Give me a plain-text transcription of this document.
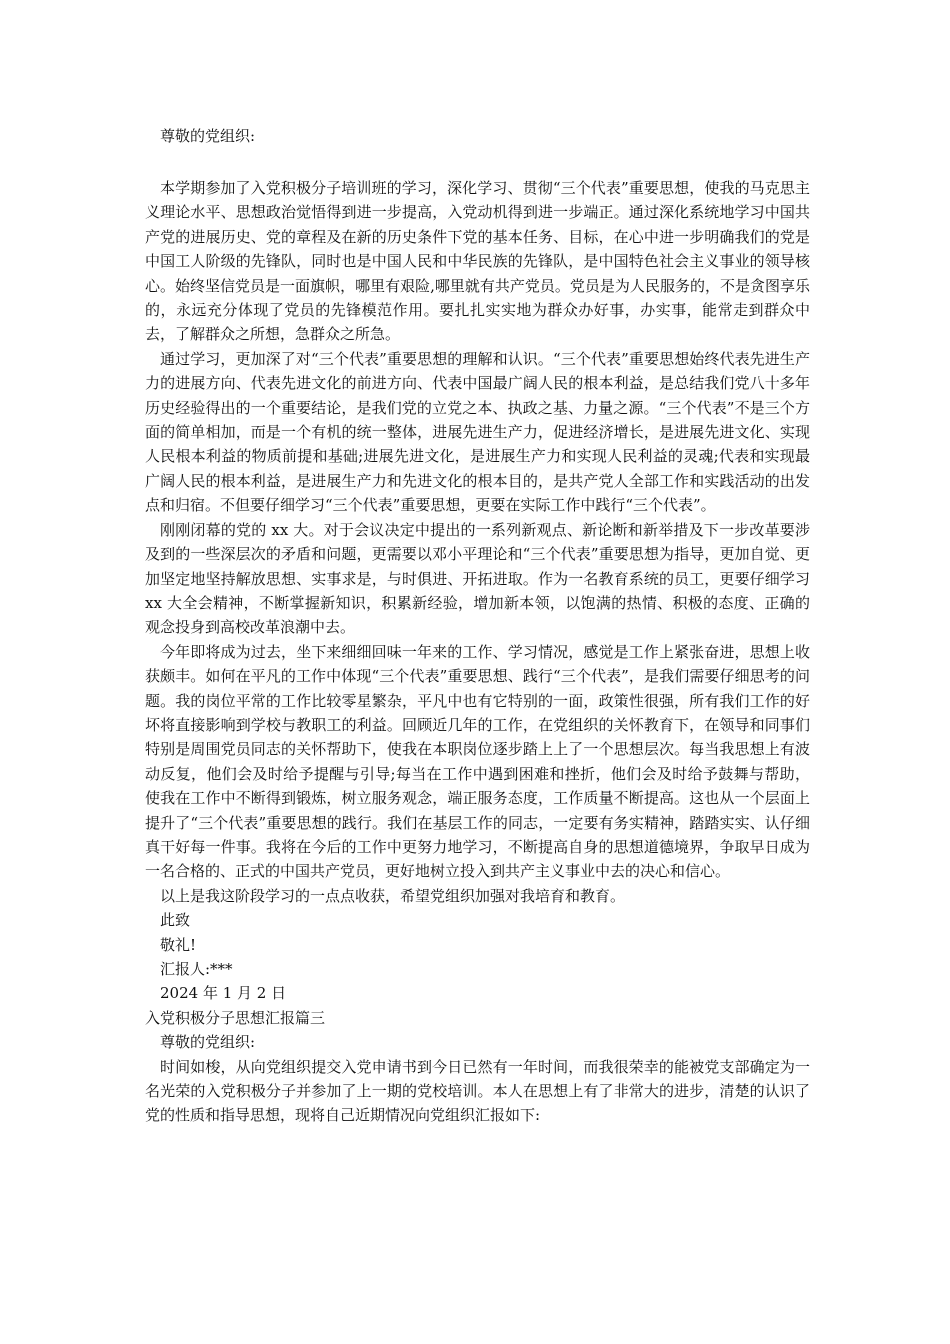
尊敬的党组织:

本学期参加了入党积极分子培训班的学习，深化学习、贯彻“三个代表”重要思想，使我的马克思主义理论水平、思想政治觉悟得到进一步提高，入党动机得到进一步端正。通过深化系统地学习中国共产党的进展历史、党的章程及在新的历史条件下党的基本任务、目标，在心中进一步明确我们的党是中国工人阶级的先锋队，同时也是中国人民和中华民族的先锋队，是中国特色社会主义事业的领导核心。始终坚信党员是一面旗帜，哪里有艰险,哪里就有共产党员。党员是为人民服务的，不是贪图享乐的，永远充分体现了党员的先锋模范作用。要扎扎实实地为群众办好事，办实事，能常走到群众中去，了解群众之所想，急群众之所急。

通过学习，更加深了对“三个代表”重要思想的理解和认识。“三个代表”重要思想始终代表先进生产力的进展方向、代表先进文化的前进方向、代表中国最广阔人民的根本利益，是总结我们党八十多年历史经验得出的一个重要结论，是我们党的立党之本、执政之基、力量之源。“三个代表”不是三个方面的简单相加，而是一个有机的统一整体，进展先进生产力，促进经济增长，是进展先进文化、实现人民根本利益的物质前提和基础;进展先进文化，是进展生产力和实现人民利益的灵魂;代表和实现最广阔人民的根本利益，是进展生产力和先进文化的根本目的，是共产党人全部工作和实践活动的出发点和归宿。不但要仔细学习“三个代表”重要思想，更要在实际工作中践行“三个代表”。

刚刚闭幕的党的 xx 大。对于会议决定中提出的一系列新观点、新论断和新举措及下一步改革要涉及到的一些深层次的矛盾和问题，更需要以邓小平理论和“三个代表”重要思想为指导，更加自觉、更加坚定地坚持解放思想、实事求是，与时俱进、开拓进取。作为一名教育系统的员工，更要仔细学习 xx 大全会精神，不断掌握新知识，积累新经验，增加新本领，以饱满的热情、积极的态度、正确的观念投身到高校改革浪潮中去。

今年即将成为过去，坐下来细细回味一年来的工作、学习情况，感觉是工作上紧张奋进，思想上收获颇丰。如何在平凡的工作中体现“三个代表”重要思想、践行“三个代表”，是我们需要仔细思考的问题。我的岗位平常的工作比较零星繁杂，平凡中也有它特别的一面，政策性很强，所有我们工作的好坏将直接影响到学校与教职工的利益。回顾近几年的工作，在党组织的关怀教育下，在领导和同事们特别是周围党员同志的关怀帮助下，使我在本职岗位逐步踏上上了一个思想层次。每当我思想上有波动反复，他们会及时给予提醒与引导;每当在工作中遇到困难和挫折，他们会及时给予鼓舞与帮助，使我在工作中不断得到锻炼，树立服务观念，端正服务态度，工作质量不断提高。这也从一个层面上提升了“三个代表”重要思想的践行。我们在基层工作的同志，一定要有务实精神，踏踏实实、认仔细真干好每一件事。我将在今后的工作中更努力地学习，不断提高自身的思想道德境界，争取早日成为一名合格的、正式的中国共产党员，更好地树立投入到共产主义事业中去的决心和信心。

以上是我这阶段学习的一点点收获，希望党组织加强对我培育和教育。

此致

敬礼!

汇报人:***

2024 年 1 月 2 日

入党积极分子思想汇报篇三

尊敬的党组织:

时间如梭，从向党组织提交入党申请书到今日已然有一年时间，而我很荣幸的能被党支部确定为一名光荣的入党积极分子并参加了上一期的党校培训。本人在思想上有了非常大的进步，清楚的认识了党的性质和指导思想，现将自己近期情况向党组织汇报如下:
